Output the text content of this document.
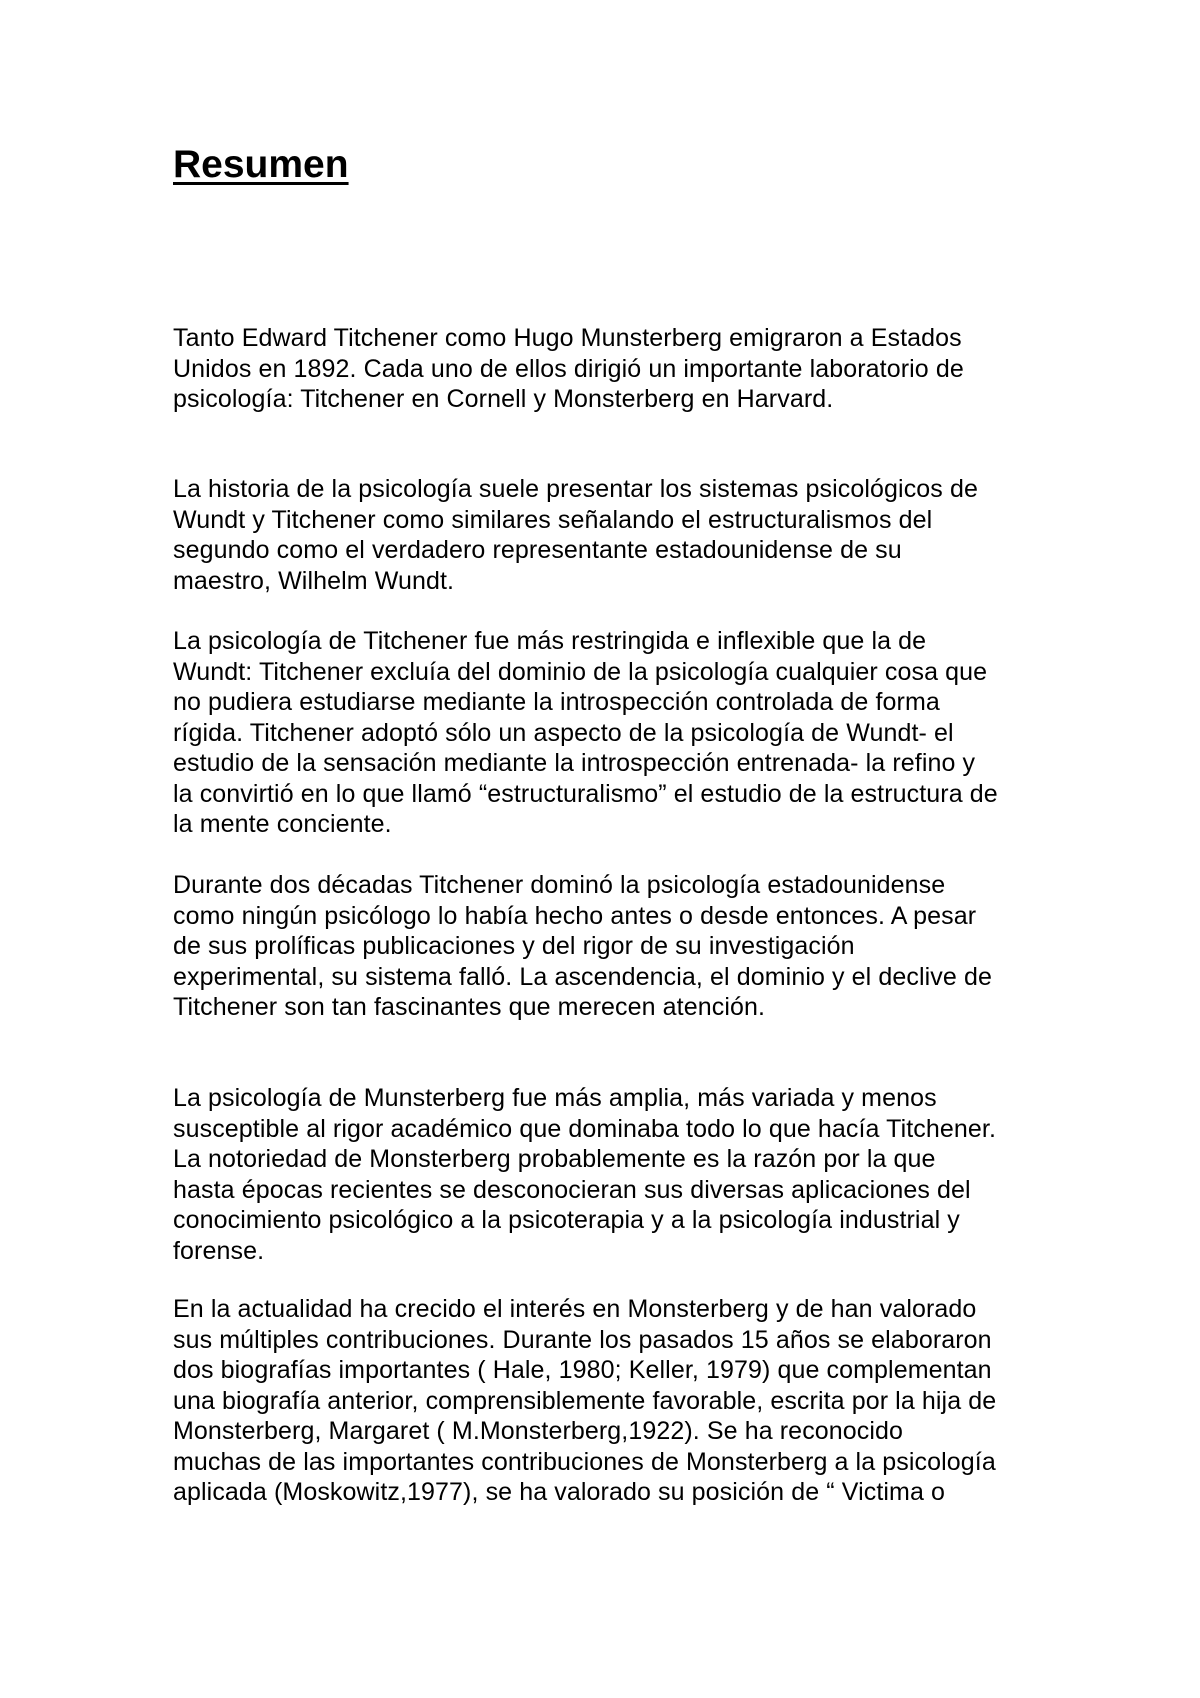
Resumen

Tanto Edward Titchener como Hugo Munsterberg emigraron a Estados
Unidos en 1892. Cada uno de ellos dirigió un importante laboratorio de
psicología: Titchener en Cornell y Monsterberg en Harvard.

La historia de la psicología suele presentar los sistemas psicológicos de
Wundt y Titchener como similares señalando el estructuralismos del
segundo como el verdadero representante estadounidense de su
maestro, Wilhelm Wundt.

La psicología de Titchener fue más restringida e inflexible que la de
Wundt: Titchener excluía del dominio de la psicología cualquier cosa que
no pudiera estudiarse mediante la introspección controlada de forma
rígida. Titchener adoptó sólo un aspecto de la psicología de Wundt- el
estudio de la sensación mediante la introspección entrenada- la refino y
la convirtió en lo que llamó “estructuralismo” el estudio de la estructura de
la mente conciente.

Durante dos décadas Titchener dominó la psicología estadounidense
como ningún psicólogo lo había hecho antes o desde entonces. A pesar
de sus prolíficas publicaciones y del rigor de su investigación
experimental, su sistema falló. La ascendencia, el dominio y el declive de
Titchener son tan fascinantes que merecen atención.

La psicología de Munsterberg fue más amplia, más variada y menos
susceptible al rigor académico que dominaba todo lo que hacía Titchener.
La notoriedad de Monsterberg probablemente es la razón por la que
hasta épocas recientes se desconocieran sus diversas aplicaciones del
conocimiento psicológico a la psicoterapia y a la psicología industrial y
forense.

En la actualidad ha crecido el interés en Monsterberg y de han valorado
sus múltiples contribuciones. Durante los pasados 15 años se elaboraron
dos biografías importantes ( Hale, 1980; Keller, 1979) que complementan
una biografía anterior, comprensiblemente favorable, escrita por la hija de
Monsterberg, Margaret ( M.Monsterberg,1922). Se ha reconocido
muchas de las importantes contribuciones de Monsterberg a la psicología
aplicada (Moskowitz,1977), se ha valorado su posición de “ Victima o
